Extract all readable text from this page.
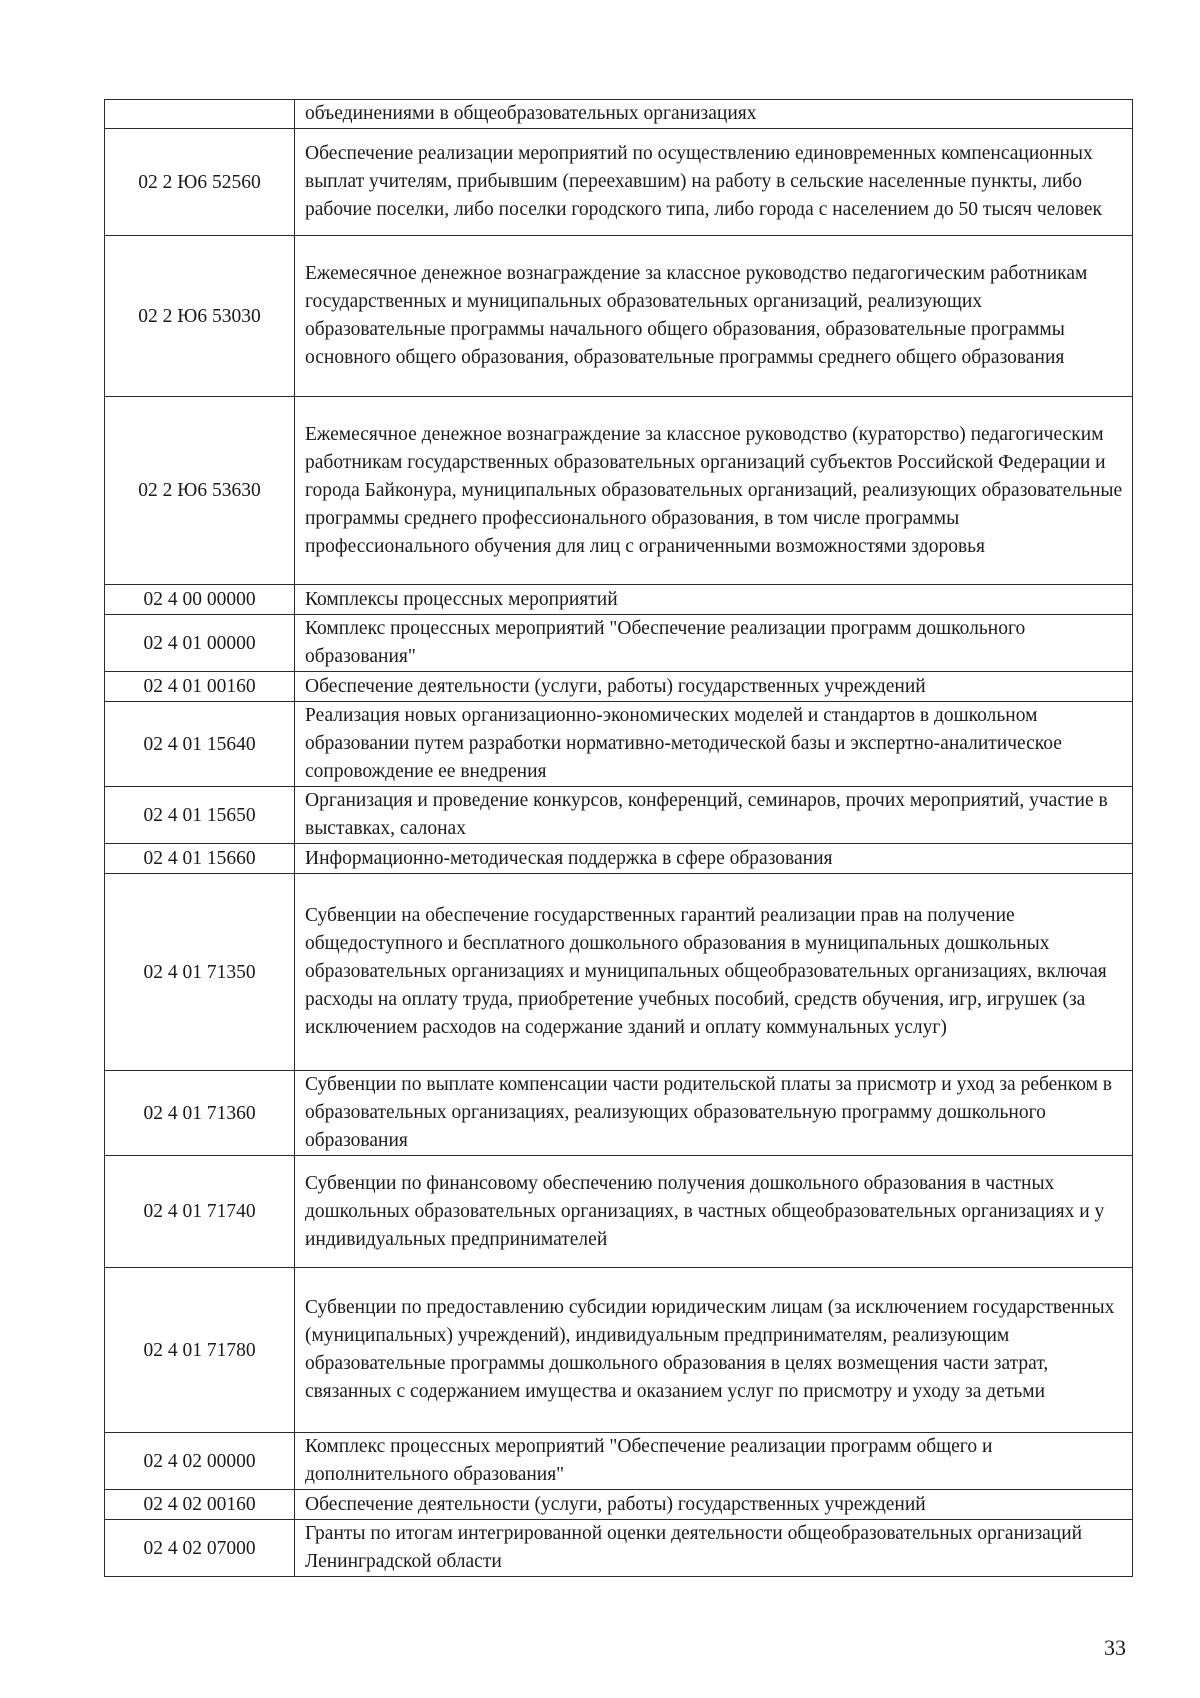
	объединениями в общеобразовательных организациях
02 2 Ю6 52560	Обеспечение реализации мероприятий по осуществлению единовременных компенсационных выплат учителям, прибывшим (переехавшим) на работу в сельские населенные пункты, либо рабочие поселки, либо поселки городского типа, либо города с населением до 50 тысяч человек
02 2 Ю6 53030	Ежемесячное денежное вознаграждение за классное руководство педагогическим работникам государственных и муниципальных образовательных организаций, реализующих образовательные программы начального общего образования, образовательные программы основного общего образования, образовательные программы среднего общего образования
02 2 Ю6 53630	Ежемесячное денежное вознаграждение за классное руководство (кураторство) педагогическим работникам государственных образовательных организаций субъектов Российской Федерации и города Байконура, муниципальных образовательных организаций, реализующих образовательные программы среднего профессионального образования, в том числе программы профессионального обучения для лиц с ограниченными возможностями здоровья
02 4 00 00000	Комплексы процессных мероприятий
02 4 01 00000	Комплекс процессных мероприятий "Обеспечение реализации программ дошкольного образования"
02 4 01 00160	Обеспечение деятельности (услуги, работы) государственных учреждений
02 4 01 15640	Реализация новых организационно-экономических моделей и стандартов в дошкольном образовании путем разработки нормативно-методической базы и экспертно-аналитическое сопровождение ее внедрения
02 4 01 15650	Организация и проведение конкурсов, конференций, семинаров, прочих мероприятий, участие в выставках, салонах
02 4 01 15660	Информационно-методическая поддержка в сфере образования
02 4 01 71350	Субвенции на обеспечение государственных гарантий реализации прав на получение общедоступного и бесплатного дошкольного образования в муниципальных дошкольных образовательных организациях и муниципальных общеобразовательных организациях, включая расходы на оплату труда, приобретение учебных пособий, средств обучения, игр, игрушек (за исключением расходов на содержание зданий и оплату коммунальных услуг)
02 4 01 71360	Субвенции по выплате компенсации части родительской платы за присмотр и уход за ребенком в образовательных организациях, реализующих образовательную программу дошкольного образования
02 4 01 71740	Субвенции по финансовому обеспечению получения дошкольного образования в частных дошкольных образовательных организациях, в частных общеобразовательных организациях и у индивидуальных предпринимателей
02 4 01 71780	Субвенции по предоставлению субсидии юридическим лицам (за исключением государственных (муниципальных) учреждений), индивидуальным предпринимателям, реализующим образовательные программы дошкольного образования в целях возмещения части затрат, связанных с содержанием имущества и оказанием услуг по присмотру и уходу за детьми
02 4 02 00000	Комплекс процессных мероприятий "Обеспечение реализации программ общего и дополнительного образования"
02 4 02 00160	Обеспечение деятельности (услуги, работы) государственных учреждений
02 4 02 07000	Гранты по итогам интегрированной оценки деятельности общеобразовательных организаций Ленинградской области
33
